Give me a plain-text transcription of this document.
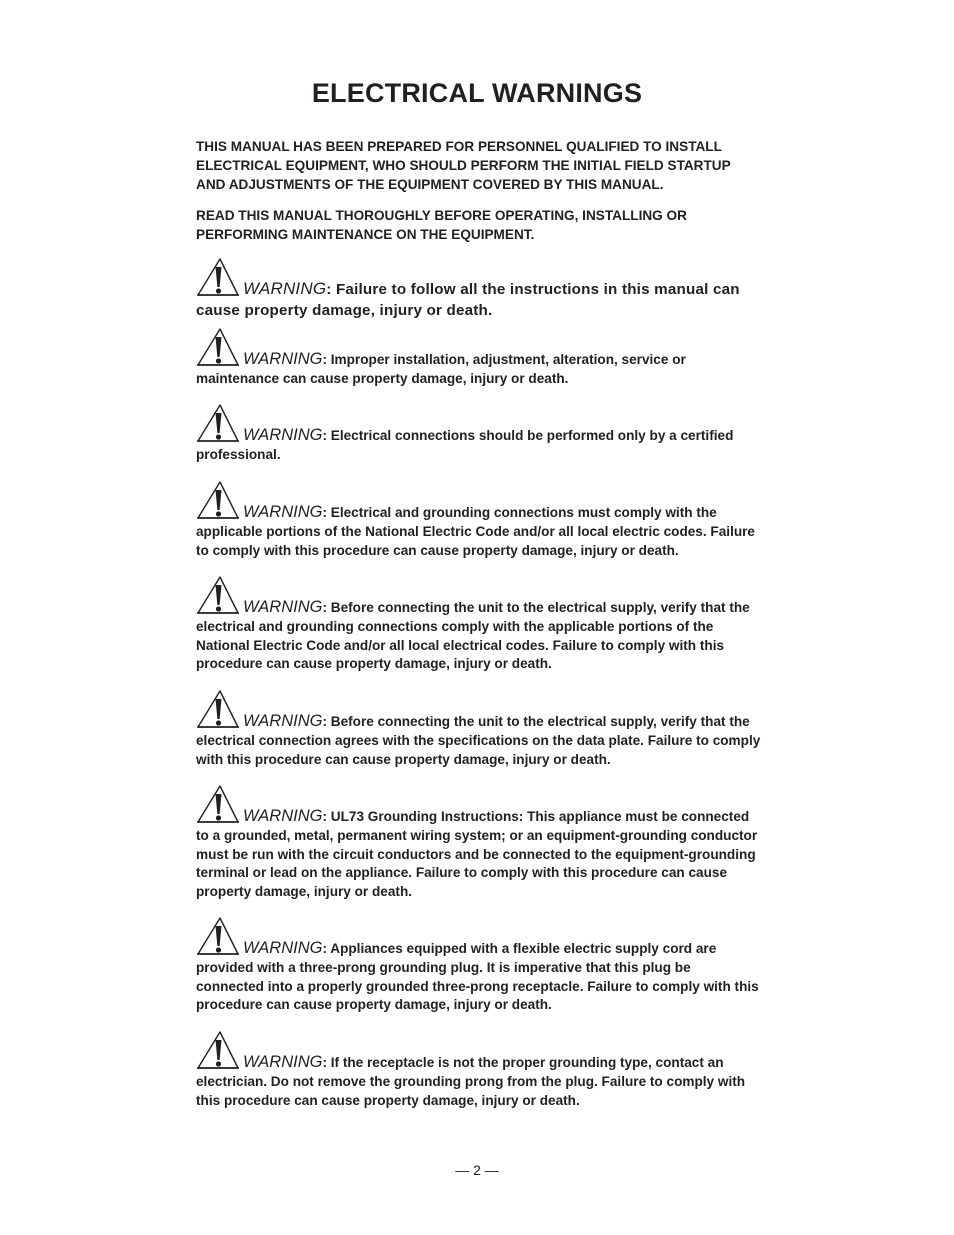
ELECTRICAL WARNINGS

THIS MANUAL HAS BEEN PREPARED FOR PERSONNEL QUALIFIED TO INSTALL ELECTRICAL EQUIPMENT, WHO SHOULD PERFORM THE INITIAL FIELD STARTUP AND ADJUSTMENTS OF THE EQUIPMENT COVERED BY THIS MANUAL.

READ THIS MANUAL THOROUGHLY BEFORE OPERATING, INSTALLING OR PERFORMING MAINTENANCE ON THE EQUIPMENT.

WARNING: Failure to follow all the instructions in this manual can cause property damage, injury or death.

WARNING: Improper installation, adjustment, alteration, service or maintenance can cause property damage, injury or death.

WARNING: Electrical connections should be performed only by a certified professional.

WARNING: Electrical and grounding connections must comply with the applicable portions of the National Electric Code and/or all local electric codes. Failure to comply with this procedure can cause property damage, injury or death.

WARNING: Before connecting the unit to the electrical supply, verify that the electrical and grounding connections comply with the applicable portions of the National Electric Code and/or all local electrical codes. Failure to comply with this procedure can cause property damage, injury or death.

WARNING: Before connecting the unit to the electrical supply, verify that the electrical connection agrees with the specifications on the data plate. Failure to comply with this procedure can cause property damage, injury or death.

WARNING: UL73 Grounding Instructions: This appliance must be connected to a grounded, metal, permanent wiring system; or an equipment-grounding conductor must be run with the circuit conductors and be connected to the equipment-grounding terminal or lead on the appliance. Failure to comply with this procedure can cause property damage, injury or death.

WARNING: Appliances equipped with a flexible electric supply cord are provided with a three-prong grounding plug. It is imperative that this plug be connected into a properly grounded three-prong receptacle. Failure to comply with this procedure can cause property damage, injury or death.

WARNING: If the receptacle is not the proper grounding type, contact an electrician. Do not remove the grounding prong from the plug. Failure to comply with this procedure can cause property damage, injury or death.

— 2 —
